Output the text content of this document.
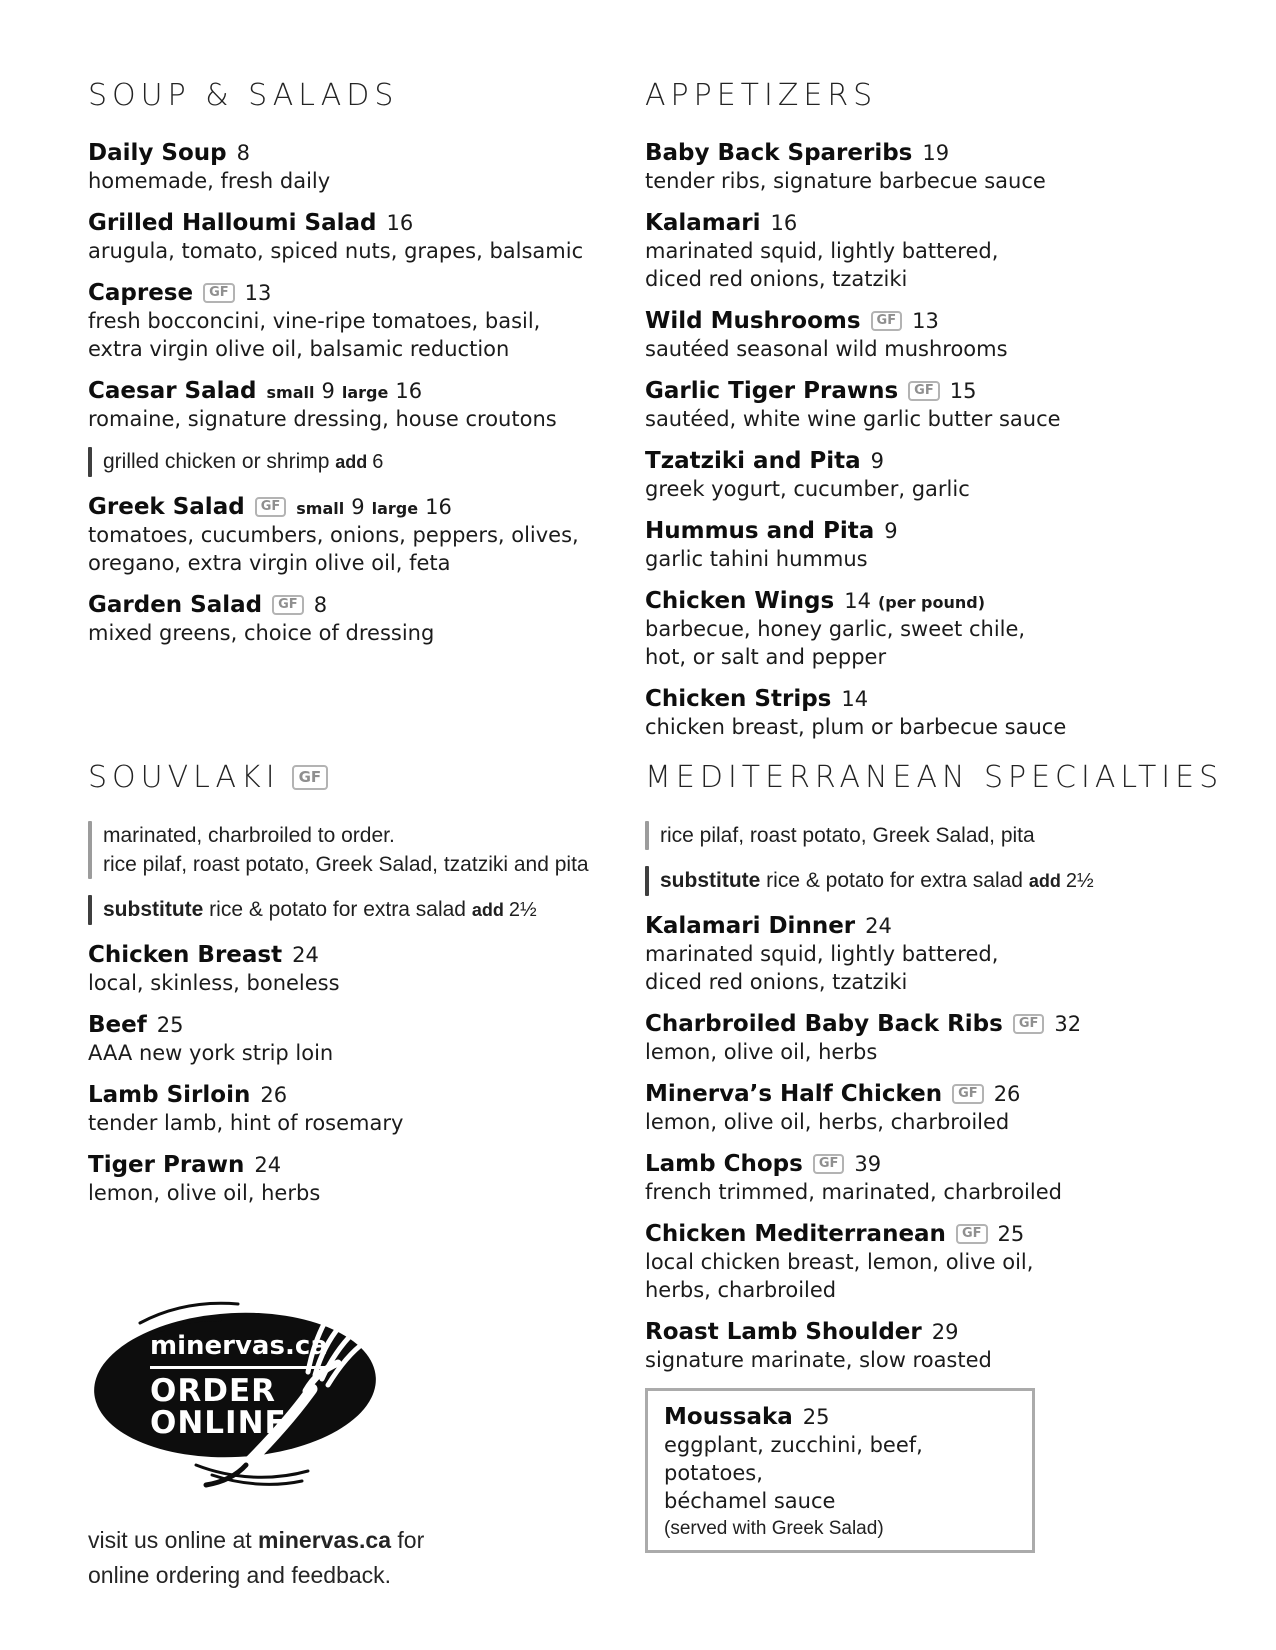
SOUP & SALADS
Daily Soup 8
homemade, fresh daily
Grilled Halloumi Salad 16
arugula, tomato, spiced nuts, grapes, balsamic
Caprese	GF 13
fresh bocconcini, vine-ripe tomatoes, basil,
extra virgin olive oil, balsamic reduction
Caesar Salad small 9 large 16
romaine, signature dressing, house croutons
grilled chicken or shrimp add 6
Greek Salad	GF	small 9 large 16
tomatoes, cucumbers, onions, peppers, olives,
oregano, extra virgin olive oil, feta
Garden Salad	GF 8
mixed greens, choice of dressing
APPETIZERS
Baby Back Spareribs 19
tender ribs, signature barbecue sauce
Kalamari 16
marinated squid, lightly battered,
diced red onions, tzatziki
Wild Mushrooms	GF 13
sautéed seasonal wild mushrooms
Garlic Tiger Prawns	GF 15
sautéed, white wine garlic butter sauce
Tzatziki and Pita 9
greek yogurt, cucumber, garlic
Hummus and Pita 9
garlic tahini hummus
Chicken Wings 14 (per pound)
barbecue, honey garlic, sweet chile,
hot, or salt and pepper
Chicken Strips 14
chicken breast, plum or barbecue sauce
SOUVLAKI	GF
marinated, charbroiled to order.
rice pilaf, roast potato, Greek Salad, tzatziki and pita
substitute rice & potato for extra salad add 2½
Chicken Breast 24
local, skinless, boneless
Beef 25
AAA new york strip loin
Lamb Sirloin 26
tender lamb, hint of rosemary
Tiger Prawn 24
lemon, olive oil, herbs
minervas.ca
ORDER
ONLINE
visit us online at minervas.ca for online ordering and feedback.
MEDITERRANEAN SPECIALTIES
rice pilaf, roast potato, Greek Salad, pita
substitute rice & potato for extra salad add 2½
Kalamari Dinner 24
marinated squid, lightly battered,
diced red onions, tzatziki
Charbroiled Baby Back Ribs	GF 32
lemon, olive oil, herbs
Minerva’s Half Chicken	GF 26
lemon, olive oil, herbs, charbroiled
Lamb Chops	GF 39
french trimmed, marinated, charbroiled
Chicken Mediterranean	GF 25
local chicken breast, lemon, olive oil,
herbs, charbroiled
Roast Lamb Shoulder 29
signature marinate, slow roasted
Moussaka 25
eggplant, zucchini, beef, potatoes,
béchamel sauce
(served with Greek Salad)
